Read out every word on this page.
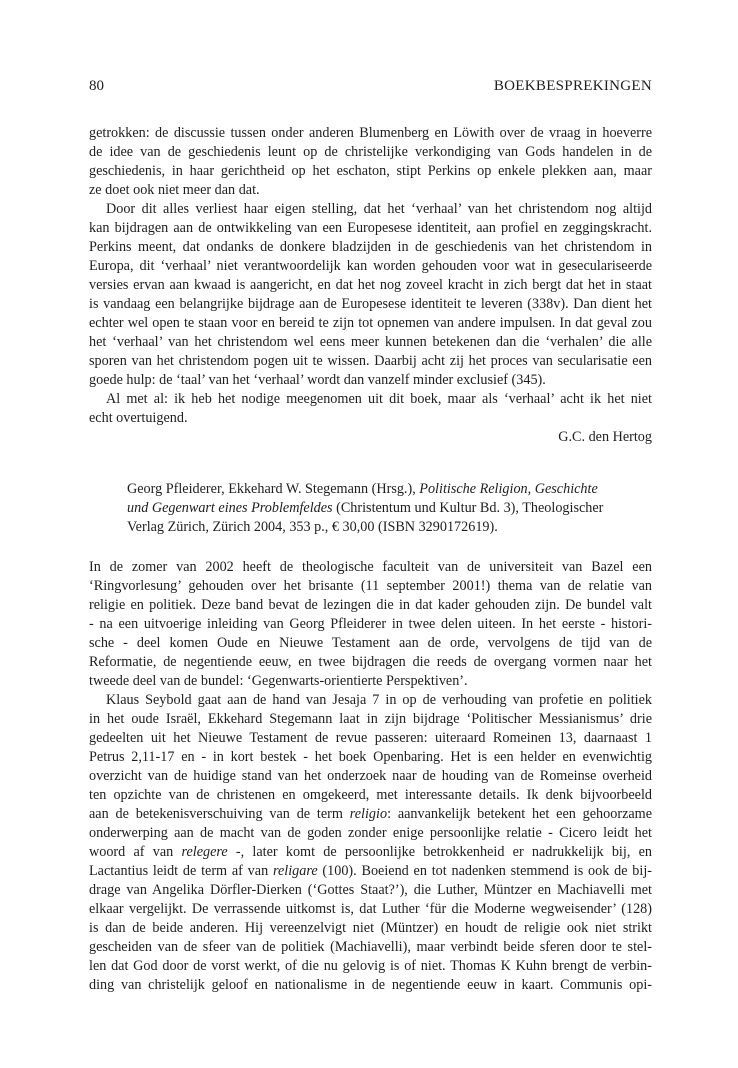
80	BOEKBESPREKINGEN
getrokken: de discussie tussen onder anderen Blumenberg en Löwith over de vraag in hoeverre
de idee van de geschiedenis leunt op de christelijke verkondiging van Gods handelen in de
geschiedenis, in haar gerichtheid op het eschaton, stipt Perkins op enkele plekken aan, maar
ze doet ook niet meer dan dat.
Door dit alles verliest haar eigen stelling, dat het ‘verhaal’ van het christendom nog altijd
kan bijdragen aan de ontwikkeling van een Europesese identiteit, aan profiel en zeggingskracht.
Perkins meent, dat ondanks de donkere bladzijden in de geschiedenis van het christendom in
Europa, dit ‘verhaal’ niet verantwoordelijk kan worden gehouden voor wat in geseculariseerde
versies ervan aan kwaad is aangericht, en dat het nog zoveel kracht in zich bergt dat het in staat
is vandaag een belangrijke bijdrage aan de Europesese identiteit te leveren (338v). Dan dient het
echter wel open te staan voor en bereid te zijn tot opnemen van andere impulsen. In dat geval zou
het ‘verhaal’ van het christendom wel eens meer kunnen betekenen dan die ‘verhalen’ die alle
sporen van het christendom pogen uit te wissen. Daarbij acht zij het proces van secularisatie een
goede hulp: de ‘taal’ van het ‘verhaal’ wordt dan vanzelf minder exclusief (345).
Al met al: ik heb het nodige meegenomen uit dit boek, maar als ‘verhaal’ acht ik het niet
echt overtuigend.
G.C. den Hertog
Georg Pfleiderer, Ekkehard W. Stegemann (Hrsg.), Politische Religion, Geschichte
und Gegenwart eines Problemfeldes (Christentum und Kultur Bd. 3), Theologischer
Verlag Zürich, Zürich 2004, 353 p., € 30,00 (ISBN 3290172619).
In de zomer van 2002 heeft de theologische faculteit van de universiteit van Bazel een
‘Ringvorlesung’ gehouden over het brisante (11 september 2001!) thema van de relatie van
religie en politiek. Deze band bevat de lezingen die in dat kader gehouden zijn. De bundel valt
- na een uitvoerige inleiding van Georg Pfleiderer in twee delen uiteen. In het eerste - histori-
sche - deel komen Oude en Nieuwe Testament aan de orde, vervolgens de tijd van de
Reformatie, de negentiende eeuw, en twee bijdragen die reeds de overgang vormen naar het
tweede deel van de bundel: ‘Gegenwarts-orientierte Perspektiven’.
Klaus Seybold gaat aan de hand van Jesaja 7 in op de verhouding van profetie en politiek
in het oude Israël, Ekkehard Stegemann laat in zijn bijdrage ‘Politischer Messianismus’ drie
gedeelten uit het Nieuwe Testament de revue passeren: uiteraard Romeinen 13, daarnaast 1
Petrus 2,11-17 en - in kort bestek - het boek Openbaring. Het is een helder en evenwichtig
overzicht van de huidige stand van het onderzoek naar de houding van de Romeinse overheid
ten opzichte van de christenen en omgekeerd, met interessante details. Ik denk bijvoorbeeld
aan de betekenisverschuiving van de term religio: aanvankelijk betekent het een gehoorzame
onderwerping aan de macht van de goden zonder enige persoonlijke relatie - Cicero leidt het
woord af van relegere -, later komt de persoonlijke betrokkenheid er nadrukkelijk bij, en
Lactantius leidt de term af van religare (100). Boeiend en tot nadenken stemmend is ook de bij-
drage van Angelika Dörfler-Dierken (‘Gottes Staat?’), die Luther, Müntzer en Machiavelli met
elkaar vergelijkt. De verrassende uitkomst is, dat Luther ‘für die Moderne wegweisender’ (128)
is dan de beide anderen. Hij vereenzelvigt niet (Müntzer) en houdt de religie ook niet strikt
gescheiden van de sfeer van de politiek (Machiavelli), maar verbindt beide sferen door te stel-
len dat God door de vorst werkt, of die nu gelovig is of niet. Thomas K Kuhn brengt de verbin-
ding van christelijk geloof en nationalisme in de negentiende eeuw in kaart. Communis opi-
